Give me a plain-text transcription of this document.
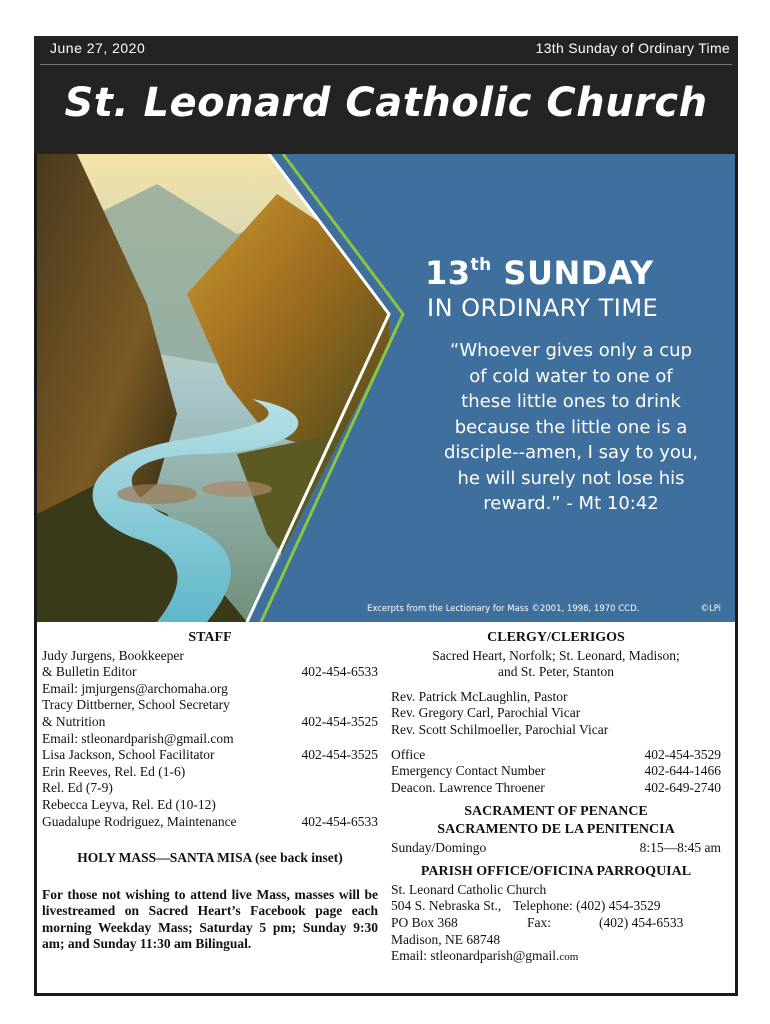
June 27, 2020	13th Sunday of Ordinary Time
St. Leonard Catholic Church
13th SUNDAY
IN ORDINARY TIME
“Whoever gives only a cup
of cold water to one of
these little ones to drink
because the little one is a
disciple--amen, I say to you,
he will surely not lose his
reward.” - Mt 10:42
Excerpts from the Lectionary for Mass ©2001, 1998, 1970 CCD.	©LPi
STAFF
Judy Jurgens, Bookkeeper
& Bulletin Editor	402-454-6533
Email: jmjurgens@archomaha.org
Tracy Dittberner, School Secretary
& Nutrition	402-454-3525
Email: stleonardparish@gmail.com
Lisa Jackson, School Facilitator	402-454-3525
Erin Reeves, Rel. Ed (1-6)
Rel. Ed (7-9)
Rebecca Leyva, Rel. Ed (10-12)
Guadalupe Rodriguez, Maintenance	402-454-6533
HOLY MASS—SANTA MISA (see back inset)
For those not wishing to attend live Mass, masses will be livestreamed on Sacred Heart’s Facebook page each morning Weekday Mass; Saturday 5 pm; Sunday 9:30 am; and Sunday 11:30 am Bilingual.
CLERGY/CLERIGOS
Sacred Heart, Norfolk; St. Leonard, Madison;
and St. Peter, Stanton
Rev. Patrick McLaughlin, Pastor
Rev. Gregory Carl, Parochial Vicar
Rev. Scott Schilmoeller, Parochial Vicar
Office	402-454-3529
Emergency Contact Number	402-644-1466
Deacon. Lawrence Throener	402-649-2740
SACRAMENT OF PENANCE
SACRAMENTO DE LA PENITENCIA
Sunday/Domingo	8:15—8:45 am
PARISH OFFICE/OFICINA PARROQUIAL
St. Leonard Catholic Church
504 S. Nebraska St., Telephone: (402) 454-3529
PO Box 368	Fax:	(402) 454-6533
Madison, NE 68748
Email: stleonardparish@gmail.com
